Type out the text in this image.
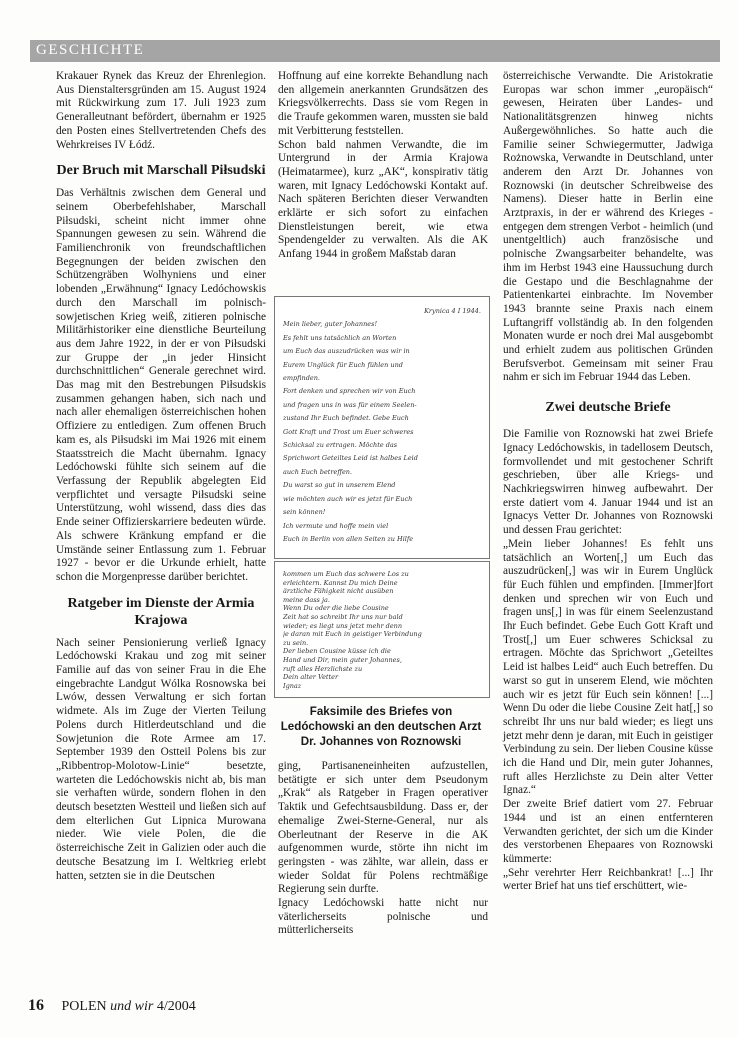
GESCHICHTE

Krakauer Rynek das Kreuz der Ehrenlegion. Aus Dienstaltersgründen am 15. August 1924 mit Rückwirkung zum 17. Juli 1923 zum Generalleutnant befördert, übernahm er 1925 den Posten eines Stellvertretenden Chefs des Wehrkreises IV Łódź.

Der Bruch mit Marschall Piłsudski

Das Verhältnis zwischen dem General und seinem Oberbefehlshaber, Marschall Piłsudski, scheint nicht immer ohne Spannungen gewesen zu sein. Während die Familienchronik von freundschaftlichen Begegnungen der beiden zwischen den Schützengräben Wolhyniens und einer lobenden „Erwähnung“ Ignacy Ledóchowskis durch den Marschall im polnisch-sowjetischen Krieg weiß, zitieren polnische Militärhistoriker eine dienstliche Beurteilung aus dem Jahre 1922, in der er von Piłsudski zur Gruppe der „in jeder Hinsicht durchschnittlichen“ Generale gerechnet wird. Das mag mit den Bestrebungen Piłsudskis zusammen gehangen haben, sich nach und nach aller ehemaligen österreichischen hohen Offiziere zu entledigen. Zum offenen Bruch kam es, als Piłsudski im Mai 1926 mit einem Staatsstreich die Macht übernahm. Ignacy Ledóchowski fühlte sich seinem auf die Verfassung der Republik abgelegten Eid verpflichtet und versagte Piłsudski seine Unterstützung, wohl wissend, dass dies das Ende seiner Offizierskarriere bedeuten würde. Als schwere Kränkung empfand er die Umstände seiner Entlassung zum 1. Februar 1927 - bevor er die Urkunde erhielt, hatte schon die Morgenpresse darüber berichtet.

Ratgeber im Dienste der Armia Krajowa

Nach seiner Pensionierung verließ Ignacy Ledóchowski Krakau und zog mit seiner Familie auf das von seiner Frau in die Ehe eingebrachte Landgut Wólka Rosnowska bei Lwów, dessen Verwaltung er sich fortan widmete. Als im Zuge der Vierten Teilung Polens durch Hitlerdeutschland und die Sowjetunion die Rote Armee am 17. September 1939 den Ostteil Polens bis zur „Ribbentrop-Molotow-Linie“ besetzte, warteten die Ledóchowskis nicht ab, bis man sie verhaften würde, sondern flohen in den deutsch besetzten Westteil und ließen sich auf dem elterlichen Gut Lipnica Murowana nieder. Wie viele Polen, die die österreichische Zeit in Galizien oder auch die deutsche Besatzung im I. Weltkrieg erlebt hatten, setzten sie in die Deutschen

Hoffnung auf eine korrekte Behandlung nach den allgemein anerkannten Grundsätzen des Kriegsvölkerrechts. Dass sie vom Regen in die Traufe gekommen waren, mussten sie bald mit Verbitterung feststellen.

Schon bald nahmen Verwandte, die im Untergrund in der Armia Krajowa (Heimatarmee), kurz „AK“, konspirativ tätig waren, mit Ignacy Ledóchowski Kontakt auf. Nach späteren Berichten dieser Verwandten erklärte er sich sofort zu einfachen Dienstleistungen bereit, wie etwa Spendengelder zu verwalten. Als die AK Anfang 1944 in großem Maßstab daran

Krynica 4 I 1944.
Mein lieber, guter Johannes!
Es fehlt uns tatsächlich an Worten
um Euch das auszudrücken was wir in
Eurem Unglück für Euch fühlen und
empfinden.
Fort denken und sprechen wir von Euch
und fragen uns in was für einem Seelen-
zustand Ihr Euch befindet. Gebe Euch
Gott Kraft und Trost um Euer schweres
Schicksal zu ertragen. Möchte das
Sprichwort Geteiltes Leid ist halbes Leid
auch Euch betreffen.
Du warst so gut in unserem Elend
wie möchten auch wir es jetzt für Euch
sein können!
Ich vermute und hoffe mein viel
Euch in Berlin von allen Seiten zu Hilfe
kommen um Euch das schwere Los zu
erleichtern. Kannst Du mich Deine
ärztliche Fähigkeit nicht ausüben
meine dass ja.
Wenn Du oder die liebe Cousine
Zeit hat so schreibt Ihr uns nur bald
wieder; es liegt uns jetzt mehr denn
je daran mit Euch in geistiger Verbindung
zu sein.
Der lieben Cousine küsse ich die
Hand und Dir, mein guter Johannes,
ruft alles Herzlichste zu
Dein alter Vetter
Ignaz
Faksimile des Briefes von Ledóchowski an den deutschen Arzt Dr. Johannes von Roznowski

ging, Partisaneneinheiten aufzustellen, betätigte er sich unter dem Pseudonym „Krak“ als Ratgeber in Fragen operativer Taktik und Gefechtsausbildung. Dass er, der ehemalige Zwei-Sterne-General, nur als Oberleutnant der Reserve in die AK aufgenommen wurde, störte ihn nicht im geringsten - was zählte, war allein, dass er wieder Soldat für Polens rechtmäßige Regierung sein durfte.

Ignacy Ledóchowski hatte nicht nur väterlicherseits polnische und mütterlicherseits

österreichische Verwandte. Die Aristokratie Europas war schon immer „europäisch“ gewesen, Heiraten über Landes- und Nationalitätsgrenzen hinweg nichts Außergewöhnliches. So hatte auch die Familie seiner Schwiegermutter, Jadwiga Rożnowska, Verwandte in Deutschland, unter anderem den Arzt Dr. Johannes von Roznowski (in deutscher Schreibweise des Namens). Dieser hatte in Berlin eine Arztpraxis, in der er während des Krieges - entgegen dem strengen Verbot - heimlich (und unentgeltlich) auch französische und polnische Zwangsarbeiter behandelte, was ihm im Herbst 1943 eine Haussuchung durch die Gestapo und die Beschlagnahme der Patientenkartei einbrachte. Im November 1943 brannte seine Praxis nach einem Luftangriff vollständig ab. In den folgenden Monaten wurde er noch drei Mal ausgebombt und erhielt zudem aus politischen Gründen Berufsverbot. Gemeinsam mit seiner Frau nahm er sich im Februar 1944 das Leben.

Zwei deutsche Briefe

Die Familie von Roznowski hat zwei Briefe Ignacy Ledóchowskis, in tadellosem Deutsch, formvollendet und mit gestochener Schrift geschrieben, über alle Kriegs- und Nachkriegswirren hinweg aufbewahrt. Der erste datiert vom 4. Januar 1944 und ist an Ignacys Vetter Dr. Johannes von Roznowski und dessen Frau gerichtet:

„Mein lieber Johannes! Es fehlt uns tatsächlich an Worten[,] um Euch das auszudrücken[,] was wir in Eurem Unglück für Euch fühlen und empfinden. [Immer]fort denken und sprechen wir von Euch und fragen uns[,] in was für einem Seelenzustand Ihr Euch befindet. Gebe Euch Gott Kraft und Trost[,] um Euer schweres Schicksal zu ertragen. Möchte das Sprichwort „Geteiltes Leid ist halbes Leid“ auch Euch betreffen. Du warst so gut in unserem Elend, wie möchten auch wir es jetzt für Euch sein können! [...] Wenn Du oder die liebe Cousine Zeit hat[,] so schreibt Ihr uns nur bald wieder; es liegt uns jetzt mehr denn je daran, mit Euch in geistiger Verbindung zu sein. Der lieben Cousine küsse ich die Hand und Dir, mein guter Johannes, ruft alles Herzlichste zu Dein alter Vetter Ignaz.“

Der zweite Brief datiert vom 27. Februar 1944 und ist an einen entfernteren Verwandten gerichtet, der sich um die Kinder des verstorbenen Ehepaares von Roznowski kümmerte:

„Sehr verehrter Herr Reichbankrat! [...] Ihr werter Brief hat uns tief erschüttert, wie-

16 POLEN und wir 4/2004
